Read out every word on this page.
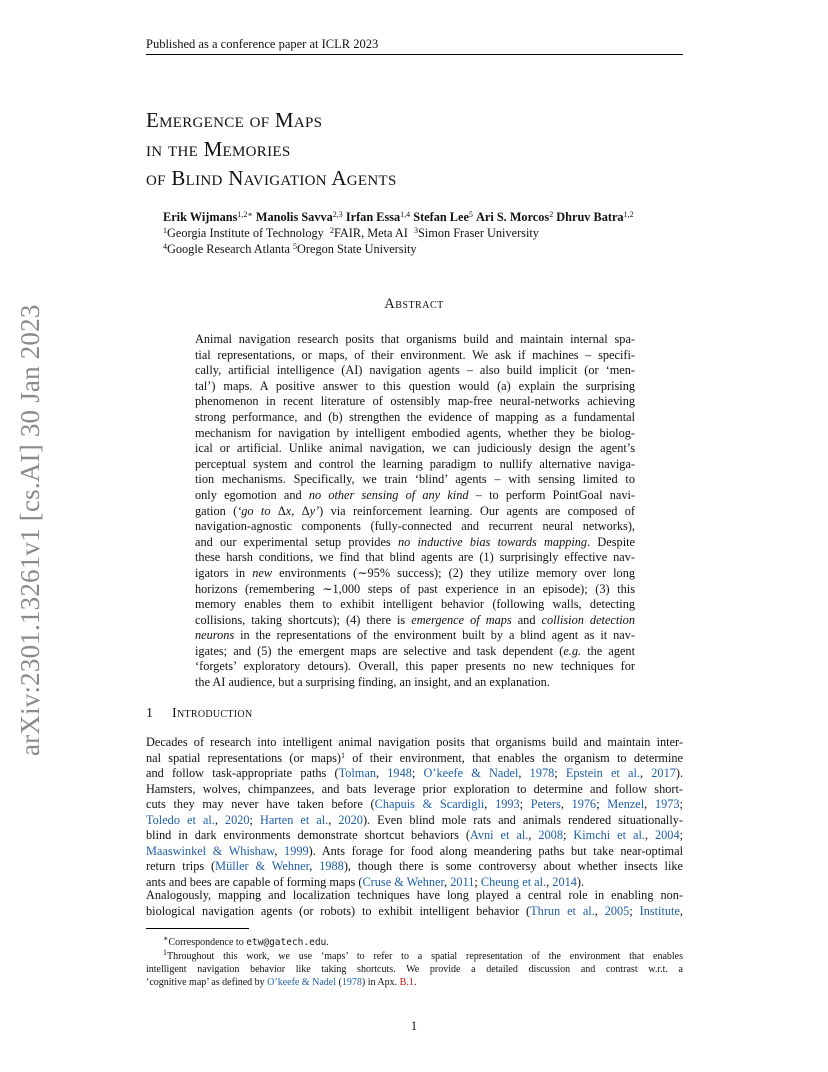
Published as a conference paper at ICLR 2023
arXiv:2301.13261v1 [cs.AI] 30 Jan 2023
Emergence of Maps
in the Memories
of Blind Navigation Agents
Erik Wijmans$^{1,2∗}$ Manolis Savva$^{2,3}$ Irfan Essa$^{1,4}$ Stefan Lee$^5$ Ari S. Morcos$^2$ Dhruv Batra$^{1,2}$
$^1$Georgia Institute of Technology $^2$FAIR, Meta AI $^3$Simon Fraser University
$^4$Google Research Atlanta $^5$Oregon State University
Abstract
Animal navigation research posits that organisms build and maintain internal spa-
tial representations, or maps, of their environment. We ask if machines – specifi-
cally, artificial intelligence (AI) navigation agents – also build implicit (or ‘men-
tal’) maps. A positive answer to this question would (a) explain the surprising
phenomenon in recent literature of ostensibly map-free neural-networks achieving
strong performance, and (b) strengthen the evidence of mapping as a fundamental
mechanism for navigation by intelligent embodied agents, whether they be biolog-
ical or artificial. Unlike animal navigation, we can judiciously design the agent’s
perceptual system and control the learning paradigm to nullify alternative naviga-
tion mechanisms. Specifically, we train ‘blind’ agents – with sensing limited to
only egomotion and no other sensing of any kind – to perform PointGoal navi-
gation (‘go to Δx, Δy’) via reinforcement learning. Our agents are composed of
navigation-agnostic components (fully-connected and recurrent neural networks),
and our experimental setup provides no inductive bias towards mapping. Despite
these harsh conditions, we find that blind agents are (1) surprisingly effective nav-
igators in new environments (∼95% success); (2) they utilize memory over long
horizons (remembering ∼1,000 steps of past experience in an episode); (3) this
memory enables them to exhibit intelligent behavior (following walls, detecting
collisions, taking shortcuts); (4) there is emergence of maps and collision detection
neurons in the representations of the environment built by a blind agent as it nav-
igates; and (5) the emergent maps are selective and task dependent (e.g. the agent
‘forgets’ exploratory detours). Overall, this paper presents no new techniques for
the AI audience, but a surprising finding, an insight, and an explanation.
1 Introduction
Decades of research into intelligent animal navigation posits that organisms build and maintain inter-
nal spatial representations (or maps)$^1$ of their environment, that enables the organism to determine
and follow task-appropriate paths (Tolman, 1948; O’keefe & Nadel, 1978; Epstein et al., 2017).
Hamsters, wolves, chimpanzees, and bats leverage prior exploration to determine and follow short-
cuts they may never have taken before (Chapuis & Scardigli, 1993; Peters, 1976; Menzel, 1973;
Toledo et al., 2020; Harten et al., 2020). Even blind mole rats and animals rendered situationally-
blind in dark environments demonstrate shortcut behaviors (Avni et al., 2008; Kimchi et al., 2004;
Maaswinkel & Whishaw, 1999). Ants forage for food along meandering paths but take near-optimal
return trips (Müller & Wehner, 1988), though there is some controversy about whether insects like
ants and bees are capable of forming maps (Cruse & Wehner, 2011; Cheung et al., 2014).
Analogously, mapping and localization techniques have long played a central role in enabling non-
biological navigation agents (or robots) to exhibit intelligent behavior (Thrun et al., 2005; Institute,
∗Correspondence to etw@gatech.edu.
$^1$Throughout this work, we use ‘maps’ to refer to a spatial representation of the environment that enables
intelligent navigation behavior like taking shortcuts. We provide a detailed discussion and contrast w.r.t. a
‘cognitive map’ as defined by O’keefe & Nadel (1978) in Apx. B.1.
1
